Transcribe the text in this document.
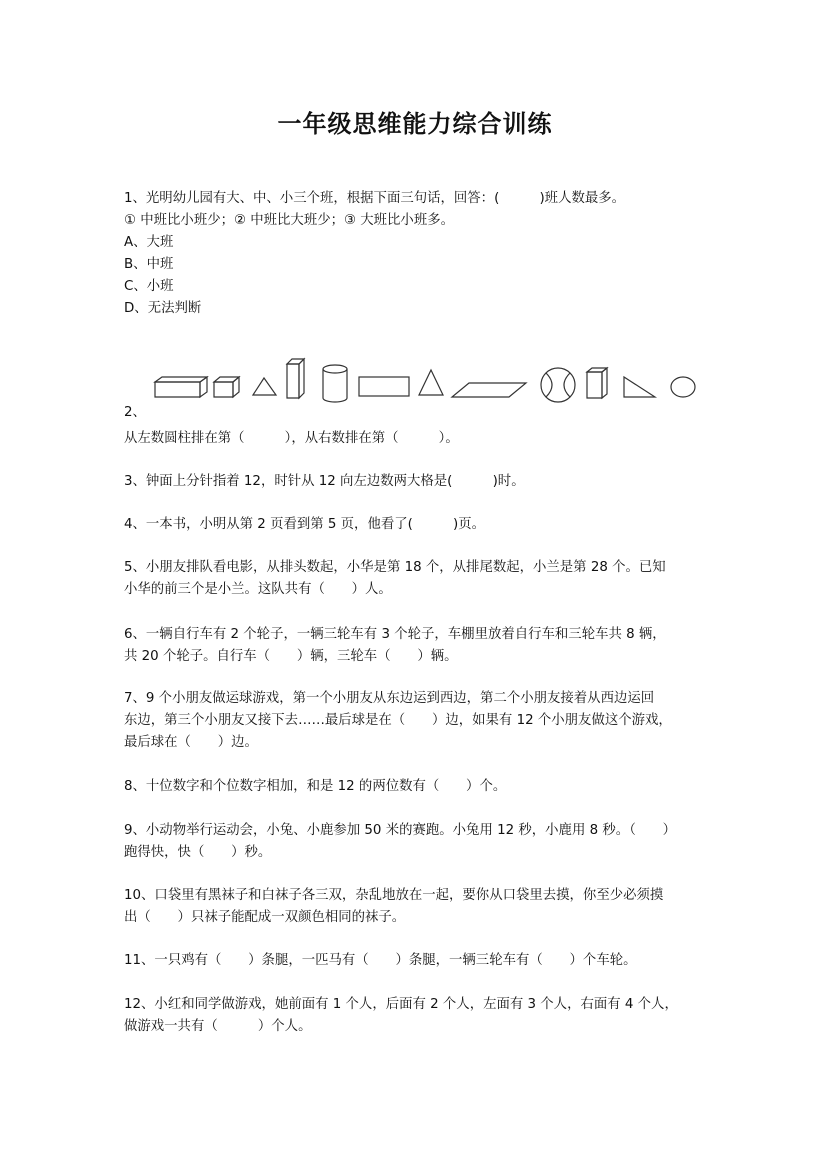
一年级思维能力综合训练
1、光明幼儿园有大、中、小三个班，根据下面三句话，回答：(　　　)班人数最多。
① 中班比小班少；② 中班比大班少；③ 大班比小班多。
A、大班
B、中班
C、小班
D、无法判断
2、
从左数圆柱排在第（　　　），从右数排在第（　　　）。
3、钟面上分针指着 12，时针从 12 向左边数两大格是(　　　)时。
4、一本书，小明从第 2 页看到第 5 页，他看了(　　　)页。
5、小朋友排队看电影，从排头数起，小华是第 18 个，从排尾数起，小兰是第 28 个。已知
小华的前三个是小兰。这队共有（　　）人。
6、一辆自行车有 2 个轮子，一辆三轮车有 3 个轮子，车棚里放着自行车和三轮车共 8 辆，
共 20 个轮子。自行车（　　）辆，三轮车（　　）辆。
7、9 个小朋友做运球游戏，第一个小朋友从东边运到西边，第二个小朋友接着从西边运回
东边，第三个小朋友又接下去……最后球是在（　　）边，如果有 12 个小朋友做这个游戏，
最后球在（　　）边。
8、十位数字和个位数字相加，和是 12 的两位数有（　　）个。
9、小动物举行运动会，小兔、小鹿参加 50 米的赛跑。小兔用 12 秒，小鹿用 8 秒。（　　）
跑得快，快（　　）秒。
10、口袋里有黑袜子和白袜子各三双，杂乱地放在一起，要你从口袋里去摸，你至少必须摸
出（　　）只袜子能配成一双颜色相同的袜子。
11、一只鸡有（　　）条腿，一匹马有（　　）条腿，一辆三轮车有（　　）个车轮。
12、小红和同学做游戏，她前面有 1 个人，后面有 2 个人，左面有 3 个人，右面有 4 个人，
做游戏一共有（　　　）个人。
